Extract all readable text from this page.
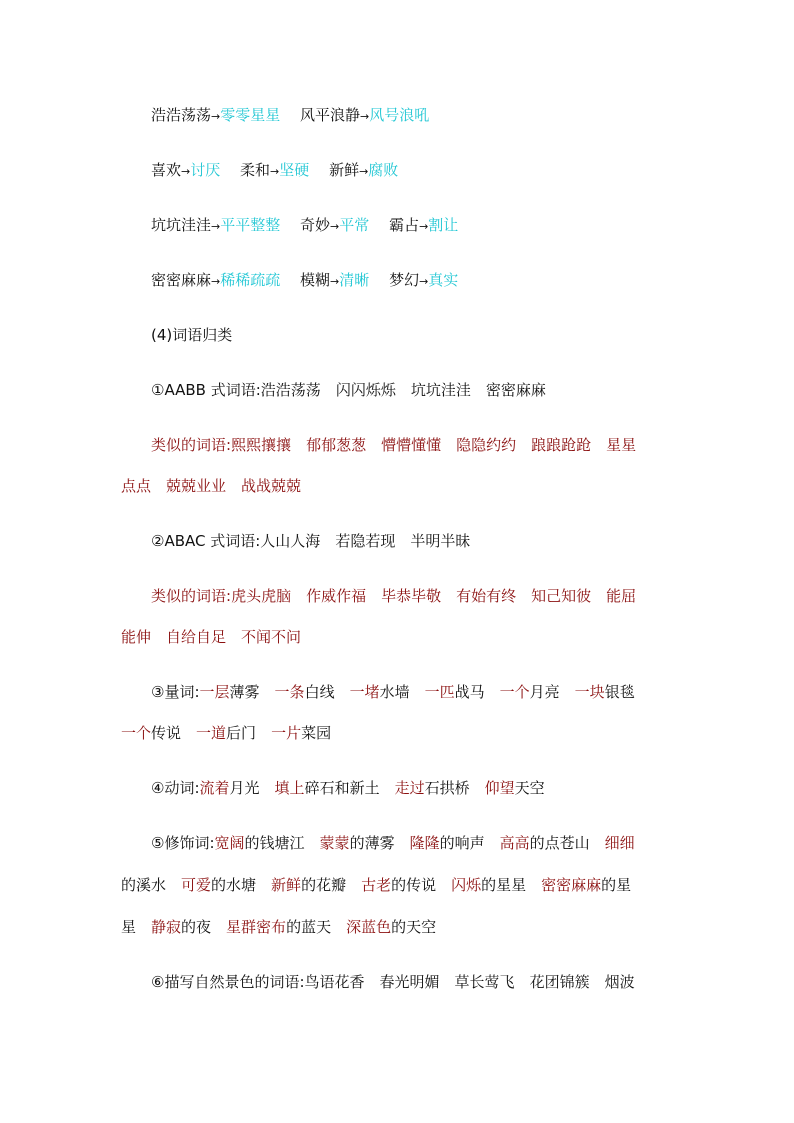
浩浩荡荡→零零星星 风平浪静→风号浪吼
喜欢→讨厌 柔和→坚硬 新鲜→腐败
坑坑洼洼→平平整整 奇妙→平常 霸占→割让
密密麻麻→稀稀疏疏 模糊→清晰 梦幻→真实
(4)词语归类
①AABB 式词语:浩浩荡荡 闪闪烁烁 坑坑洼洼 密密麻麻
类似的词语:熙熙攘攘 郁郁葱葱 懵懵懂懂 隐隐约约 踉踉跄跄 星星
点点 兢兢业业 战战兢兢
②ABAC 式词语:人山人海 若隐若现 半明半昧
类似的词语:虎头虎脑 作威作福 毕恭毕敬 有始有终 知己知彼 能屈
能伸 自给自足 不闻不问
③量词:一层薄雾 一条白线 一堵水墙 一匹战马 一个月亮 一块银毯
一个传说 一道后门 一片菜园
④动词:流着月光 填上碎石和新土 走过石拱桥 仰望天空
⑤修饰词:宽阔的钱塘江 蒙蒙的薄雾 隆隆的响声 高高的点苍山 细细
的溪水 可爱的水塘 新鲜的花瓣 古老的传说 闪烁的星星 密密麻麻的星
星 静寂的夜 星群密布的蓝天 深蓝色的天空
⑥描写自然景色的词语:鸟语花香 春光明媚 草长莺飞 花团锦簇 烟波
